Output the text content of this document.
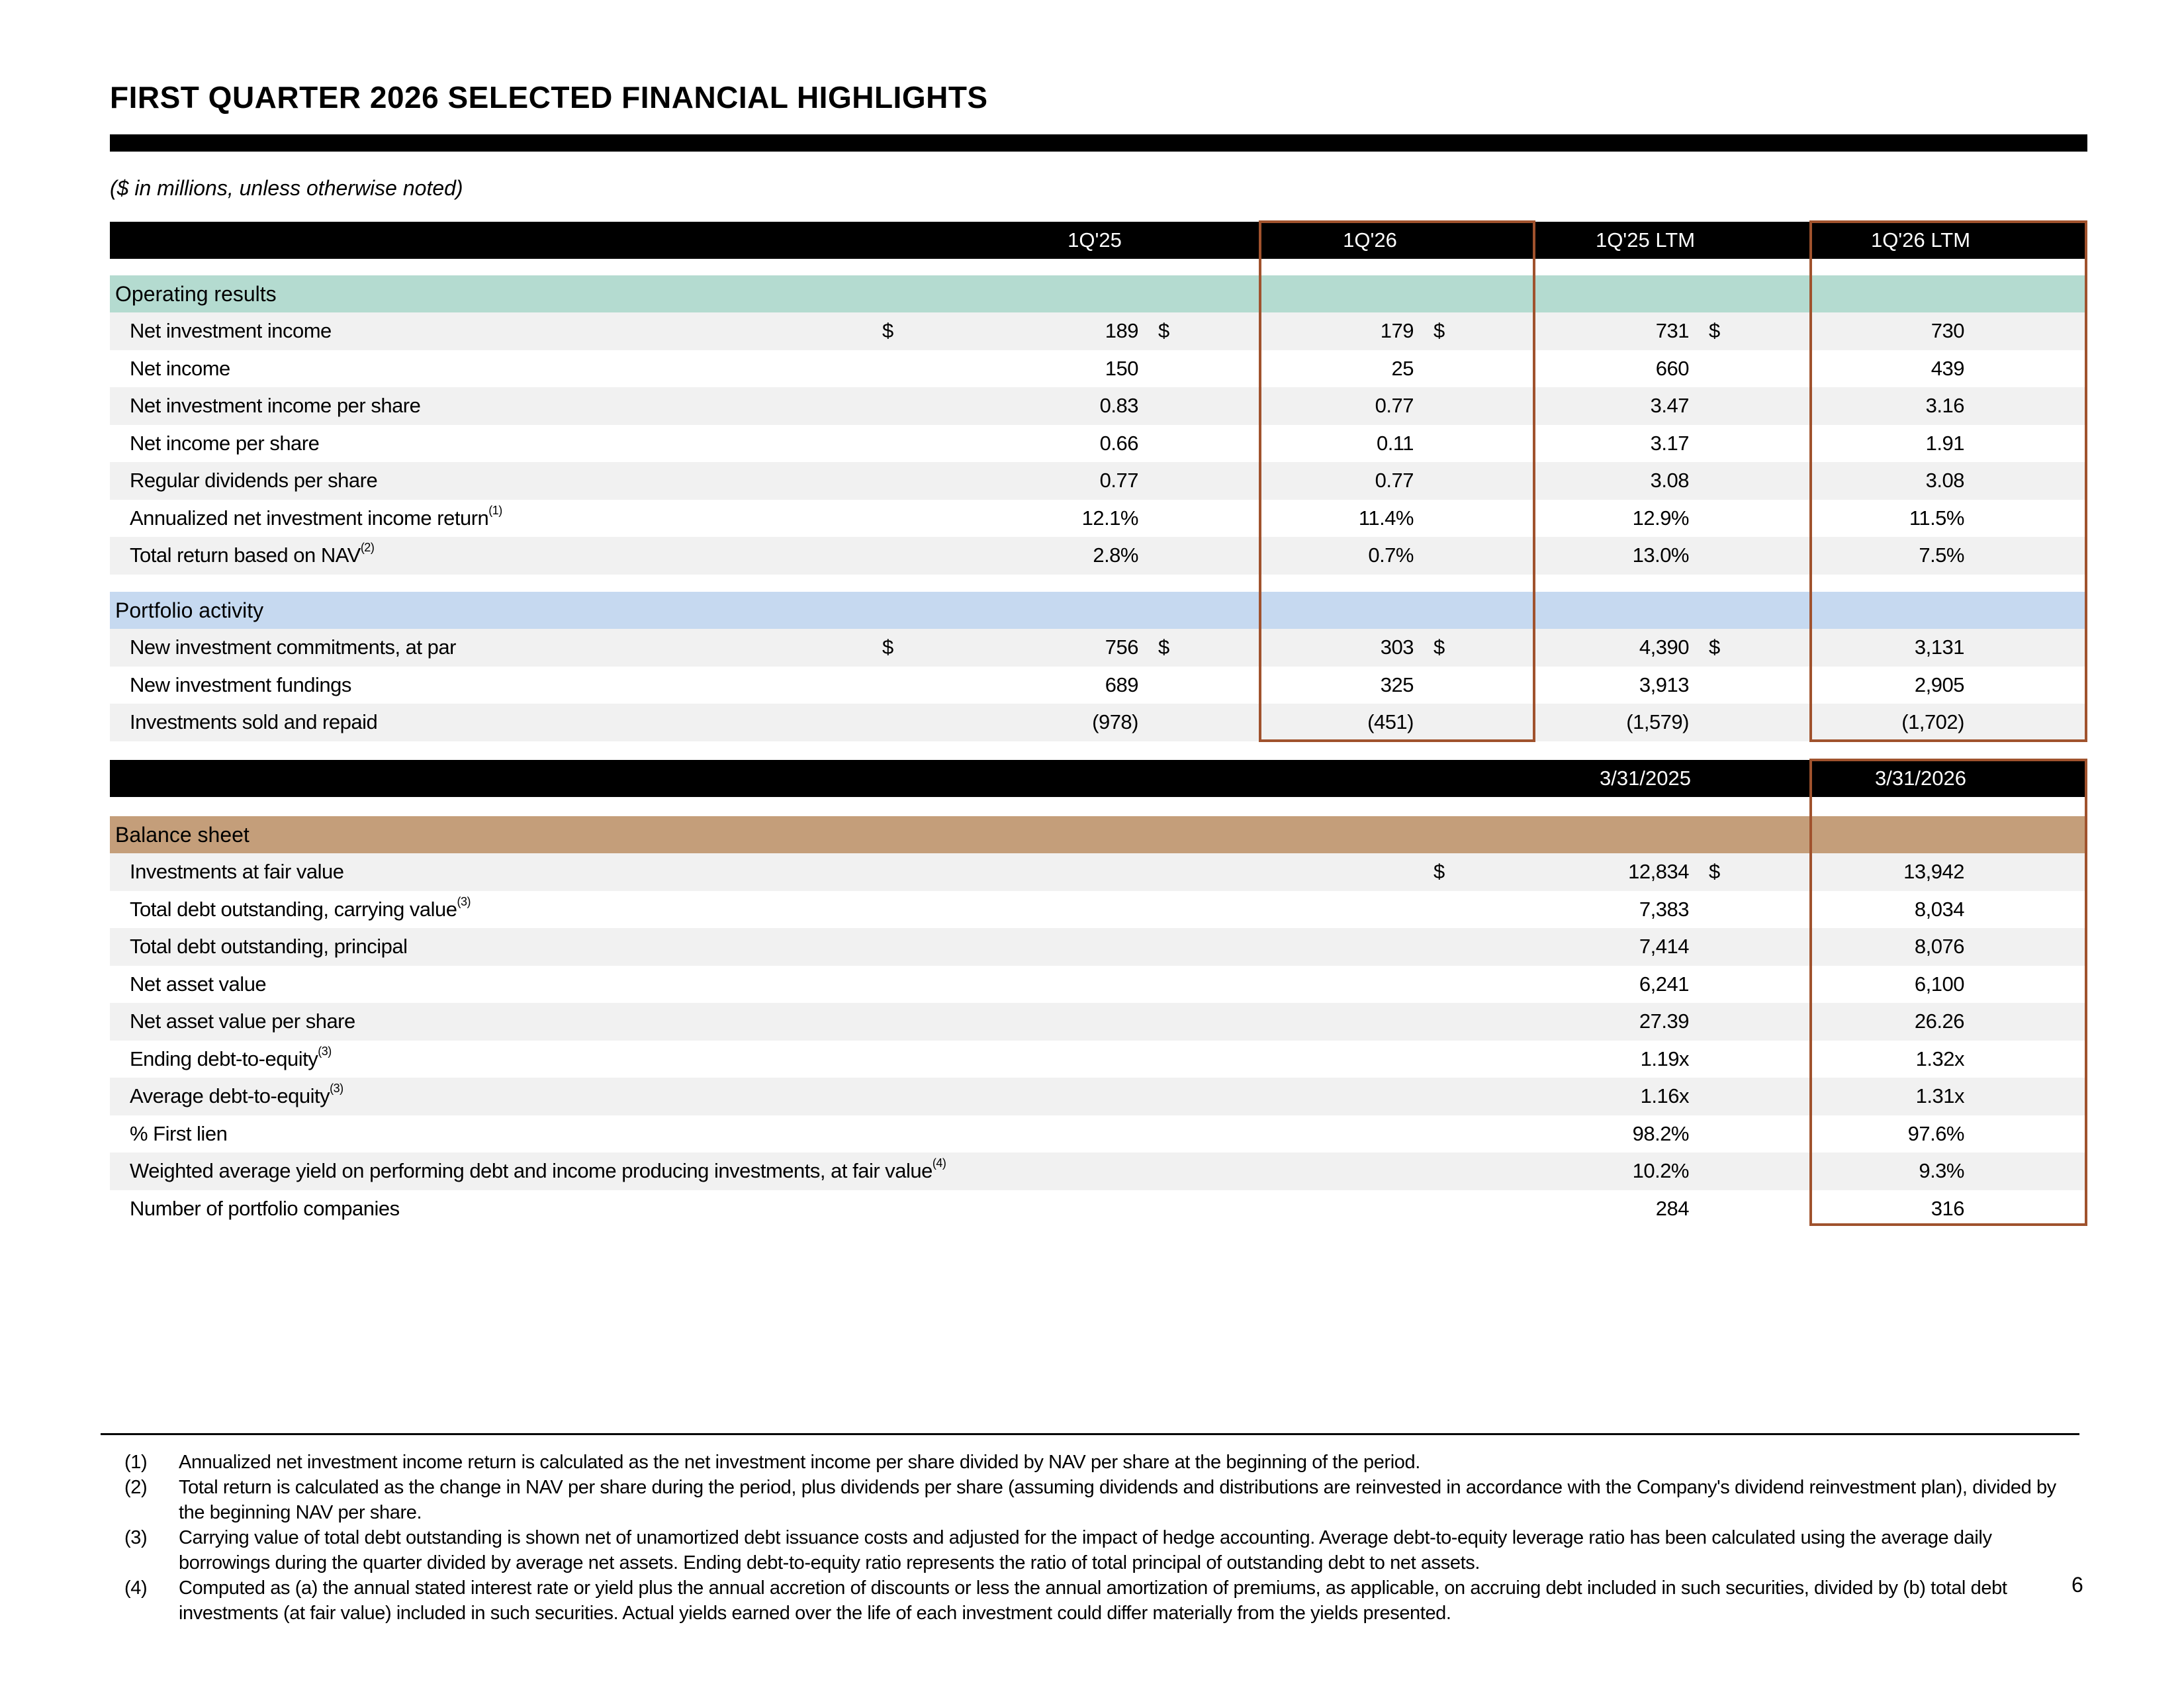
FIRST QUARTER 2026 SELECTED FINANCIAL HIGHLIGHTS
($ in millions, unless otherwise noted)
1Q'25	1Q'26	1Q'25 LTM	1Q'26 LTM
Operating results
Net investment income	$	189 $	179 $	731 $	730
Net income	150	25	660	439
Net investment income per share	0.83	0.77	3.47	3.16
Net income per share	0.66	0.11	3.17	1.91
Regular dividends per share	0.77	0.77	3.08	3.08
Annualized net investment income return$^{(1)}$	12.1%	11.4%	12.9%	11.5%
Total return based on NAV$^{(2)}$	2.8%	0.7%	13.0%	7.5%
Portfolio activity
New investment commitments, at par	$	756 $	303 $	4,390 $	3,131
New investment fundings	689	325	3,913	2,905
Investments sold and repaid	(978)	(451)	(1,579)	(1,702)
3/31/2025	3/31/2026
Balance sheet
Investments at fair value	$	12,834 $	13,942
Total debt outstanding, carrying value$^{(3)}$	7,383	8,034
Total debt outstanding, principal	7,414	8,076
Net asset value	6,241	6,100
Net asset value per share	27.39	26.26
Ending debt-to-equity$^{(3)}$	1.19x	1.32x
Average debt-to-equity$^{(3)}$	1.16x	1.31x
% First lien	98.2%	97.6%
Weighted average yield on performing debt and income producing investments, at fair value$^{(4)}$	10.2%	9.3%
Number of portfolio companies	284	316
(1) Annualized net investment income return is calculated as the net investment income per share divided by NAV per share at the beginning of the period.
(2) Total return is calculated as the change in NAV per share during the period, plus dividends per share (assuming dividends and distributions are reinvested in accordance with the Company's dividend reinvestment plan), divided by the beginning NAV per share.
(3) Carrying value of total debt outstanding is shown net of unamortized debt issuance costs and adjusted for the impact of hedge accounting. Average debt-to-equity leverage ratio has been calculated using the average daily borrowings during the quarter divided by average net assets. Ending debt-to-equity ratio represents the ratio of total principal of outstanding debt to net assets.
(4) Computed as (a) the annual stated interest rate or yield plus the annual accretion of discounts or less the annual amortization of premiums, as applicable, on accruing debt included in such securities, divided by (b) total debt investments (at fair value) included in such securities. Actual yields earned over the life of each investment could differ materially from the yields presented.
6
